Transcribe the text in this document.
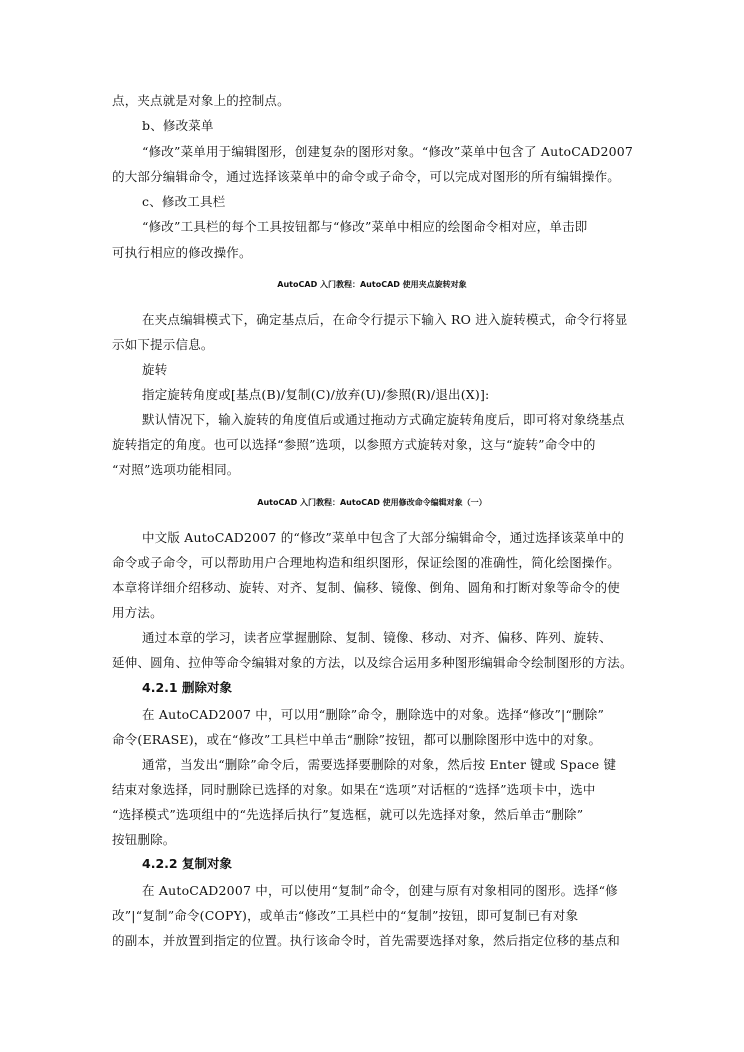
点，夹点就是对象上的控制点。
b、修改菜单
“修改”菜单用于编辑图形，创建复杂的图形对象。“修改”菜单中包含了 AutoCAD2007
的大部分编辑命令，通过选择该菜单中的命令或子命令，可以完成对图形的所有编辑操作。
c、修改工具栏
“修改”工具栏的每个工具按钮都与“修改”菜单中相应的绘图命令相对应，单击即
可执行相应的修改操作。
AutoCAD 入门教程：AutoCAD 使用夹点旋转对象
在夹点编辑模式下，确定基点后，在命令行提示下输入 RO 进入旋转模式，命令行将显
示如下提示信息。
旋转
指定旋转角度或[基点(B)/复制(C)/放弃(U)/参照(R)/退出(X)]:
默认情况下，输入旋转的角度值后或通过拖动方式确定旋转角度后，即可将对象绕基点
旋转指定的角度。也可以选择“参照”选项，以参照方式旋转对象，这与“旋转”命令中的
“对照”选项功能相同。
AutoCAD 入门教程：AutoCAD 使用修改命令编辑对象（一）
中文版 AutoCAD2007 的“修改”菜单中包含了大部分编辑命令，通过选择该菜单中的
命令或子命令，可以帮助用户合理地构造和组织图形，保证绘图的准确性，简化绘图操作。
本章将详细介绍移动、旋转、对齐、复制、偏移、镜像、倒角、圆角和打断对象等命令的使
用方法。
通过本章的学习，读者应掌握删除、复制、镜像、移动、对齐、偏移、阵列、旋转、
延伸、圆角、拉伸等命令编辑对象的方法，以及综合运用多种图形编辑命令绘制图形的方法。
4.2.1 删除对象
在 AutoCAD2007 中，可以用“删除”命令，删除选中的对象。选择“修改”|“删除”
命令(ERASE)，或在“修改”工具栏中单击“删除”按钮，都可以删除图形中选中的对象。
通常，当发出“删除”命令后，需要选择要删除的对象，然后按 Enter 键或 Space 键
结束对象选择，同时删除已选择的对象。如果在“选项”对话框的“选择”选项卡中，选中
“选择模式”选项组中的“先选择后执行”复选框，就可以先选择对象，然后单击“删除”
按钮删除。
4.2.2 复制对象
在 AutoCAD2007 中，可以使用“复制”命令，创建与原有对象相同的图形。选择“修
改”|“复制”命令(COPY)，或单击“修改”工具栏中的“复制”按钮，即可复制已有对象
的副本，并放置到指定的位置。执行该命令时，首先需要选择对象，然后指定位移的基点和
